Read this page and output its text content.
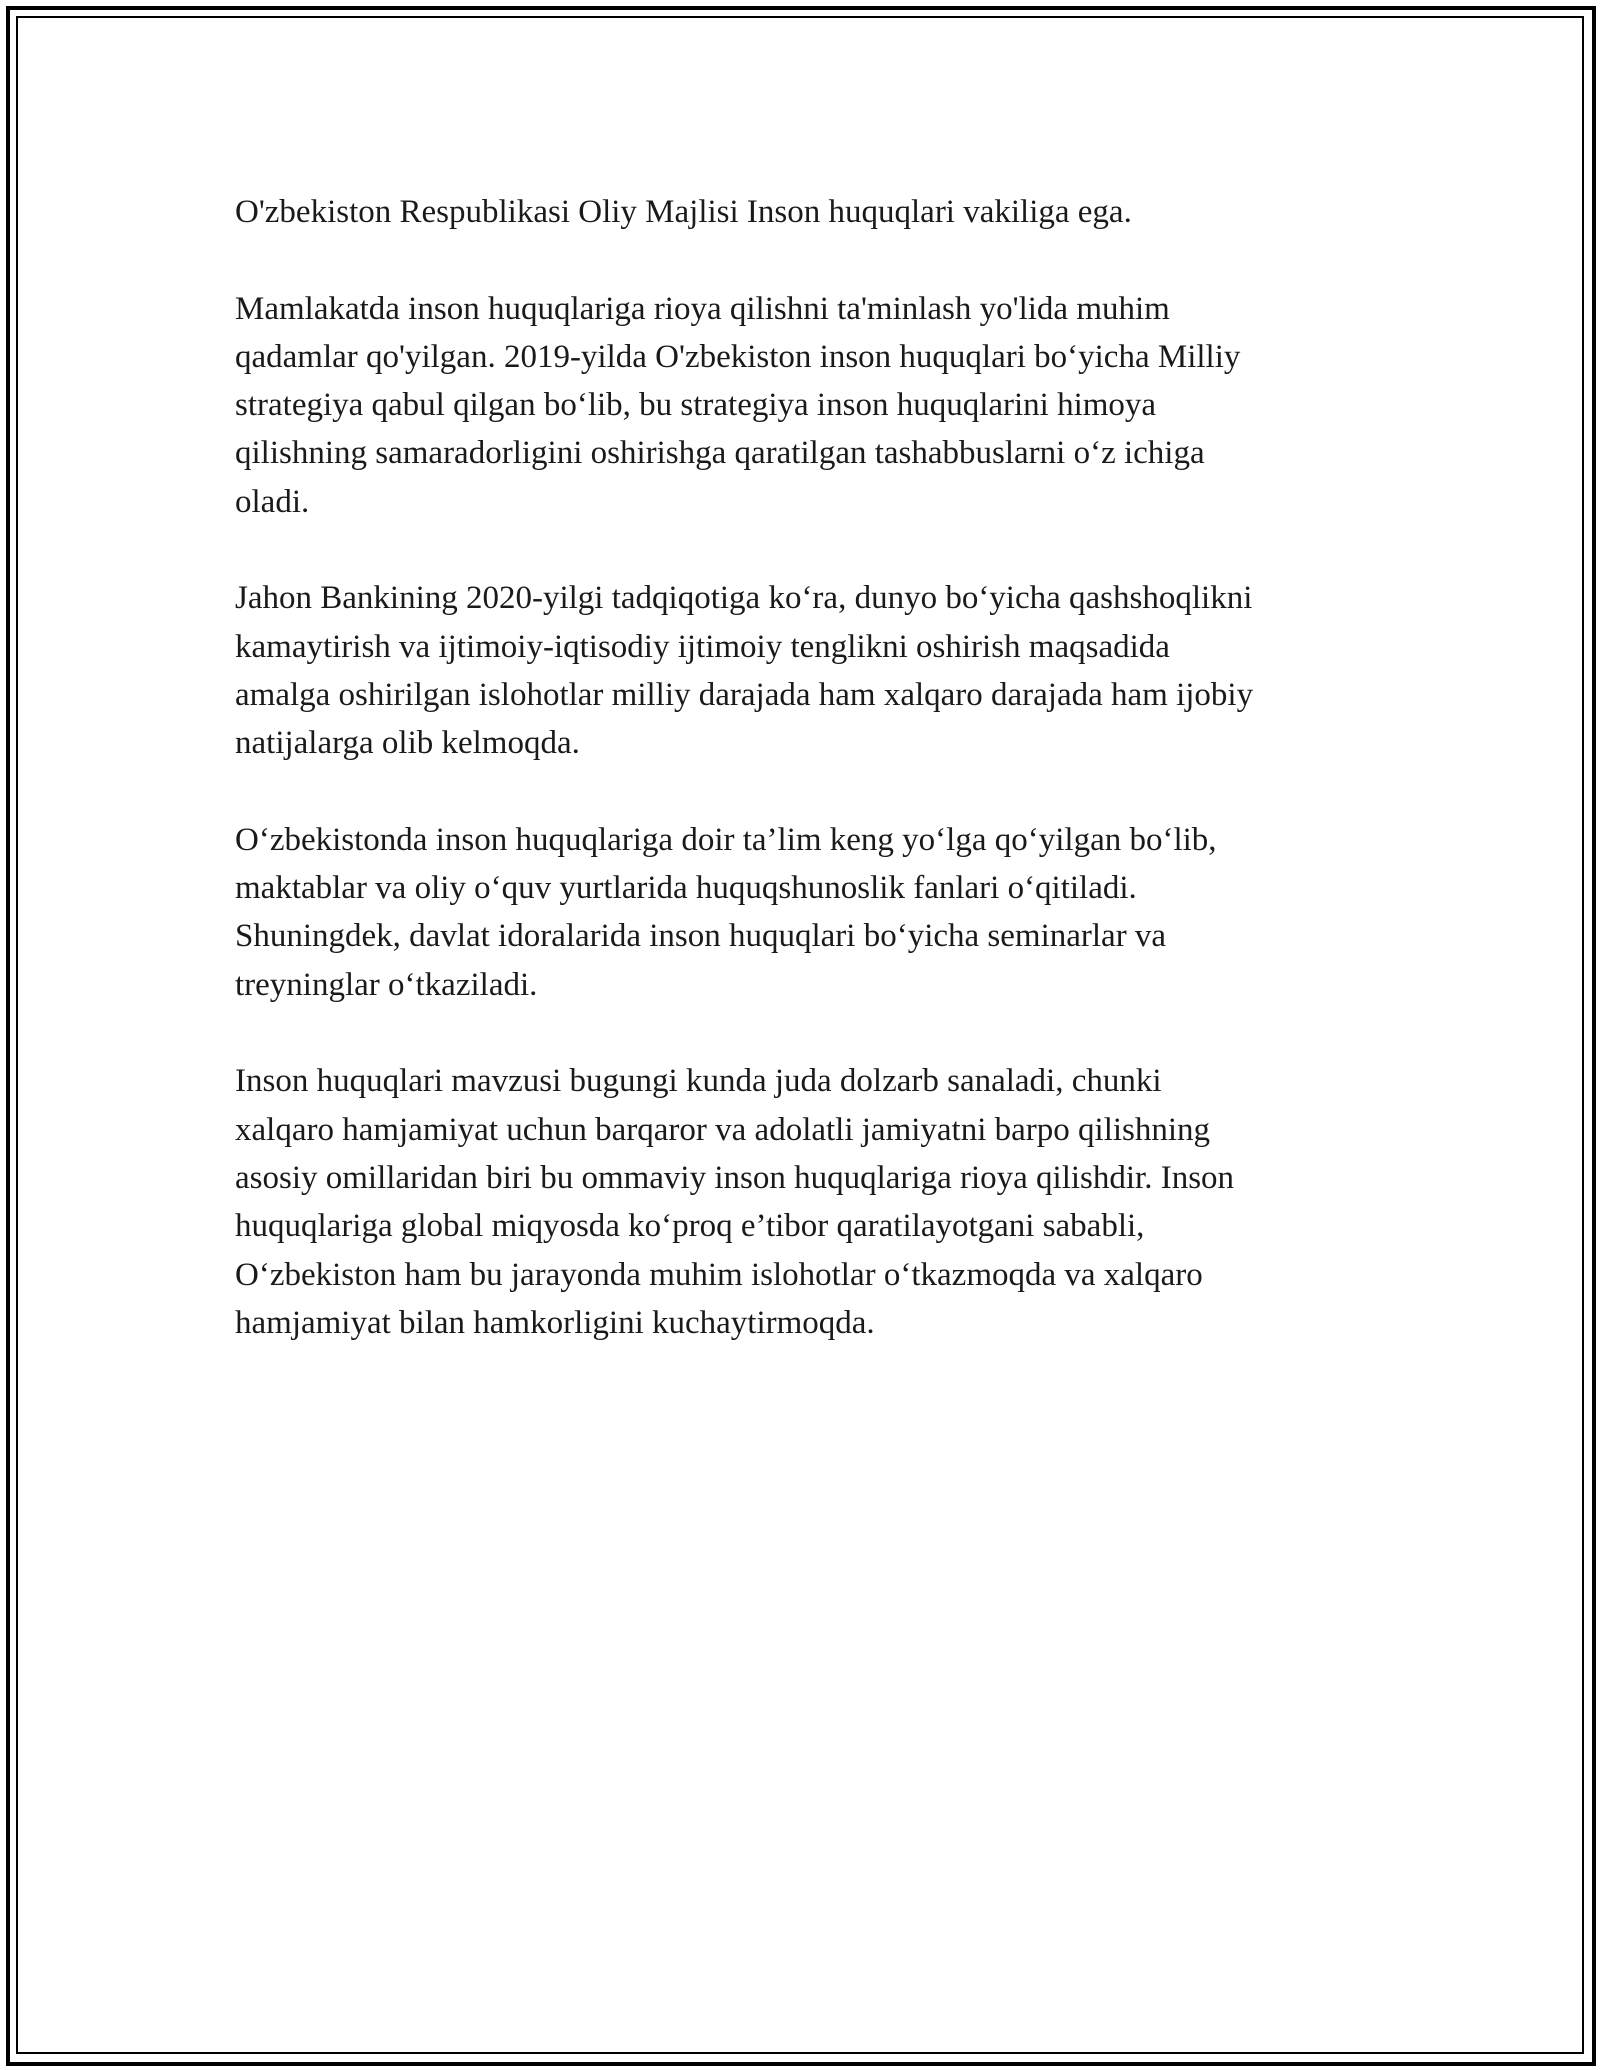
O'zbekiston Respublikasi Oliy Majlisi Inson huquqlari vakiliga ega.

Mamlakatda inson huquqlariga rioya qilishni ta'minlash yo'lida muhim
qadamlar qo'yilgan. 2019-yilda O'zbekiston inson huquqlari bo‘yicha Milliy
strategiya qabul qilgan bo‘lib, bu strategiya inson huquqlarini himoya
qilishning samaradorligini oshirishga qaratilgan tashabbuslarni o‘z ichiga
oladi.

Jahon Bankining 2020-yilgi tadqiqotiga ko‘ra, dunyo bo‘yicha qashshoqlikni
kamaytirish va ijtimoiy-iqtisodiy ijtimoiy tenglikni oshirish maqsadida
amalga oshirilgan islohotlar milliy darajada ham xalqaro darajada ham ijobiy
natijalarga olib kelmoqda.

O‘zbekistonda inson huquqlariga doir ta’lim keng yo‘lga qo‘yilgan bo‘lib,
maktablar va oliy o‘quv yurtlarida huquqshunoslik fanlari o‘qitiladi.
Shuningdek, davlat idoralarida inson huquqlari bo‘yicha seminarlar va
treyninglar o‘tkaziladi.

Inson huquqlari mavzusi bugungi kunda juda dolzarb sanaladi, chunki
xalqaro hamjamiyat uchun barqaror va adolatli jamiyatni barpo qilishning
asosiy omillaridan biri bu ommaviy inson huquqlariga rioya qilishdir. Inson
huquqlariga global miqyosda ko‘proq e’tibor qaratilayotgani sababli,
O‘zbekiston ham bu jarayonda muhim islohotlar o‘tkazmoqda va xalqaro
hamjamiyat bilan hamkorligini kuchaytirmoqda.
